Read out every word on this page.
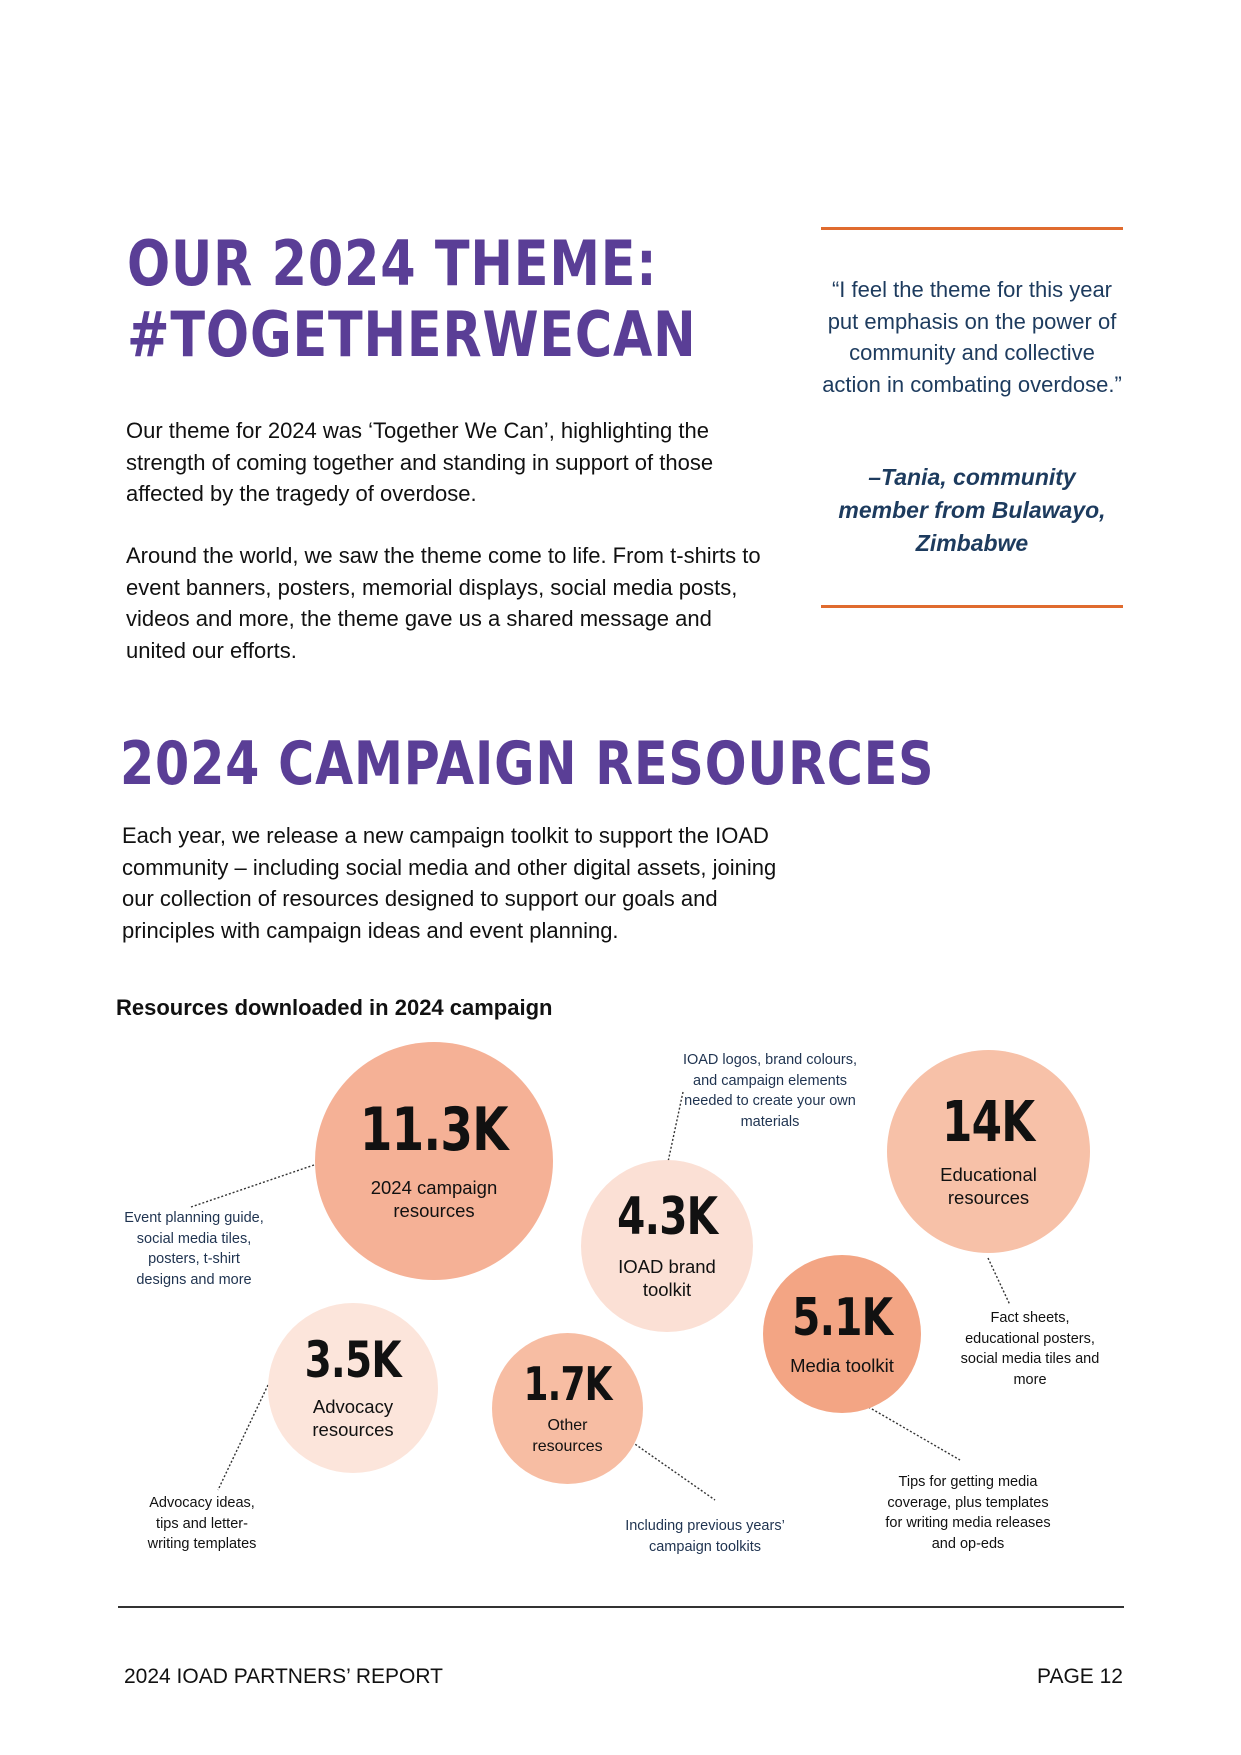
OUR 2024 THEME:
#TOGETHERWECAN

Our theme for 2024 was ‘Together We Can’, highlighting the strength of coming together and standing in support of those affected by the tragedy of overdose.

Around the world, we saw the theme come to life. From t-shirts to event banners, posters, memorial displays, social media posts, videos and more, the theme gave us a shared message and united our efforts.

“I feel the theme for this year put emphasis on the power of community and collective action in combating overdose.”

–Tania, community member from Bulawayo, Zimbabwe

2024 CAMPAIGN RESOURCES

Each year, we release a new campaign toolkit to support the IOAD community – including social media and other digital assets, joining our collection of resources designed to support our goals and principles with campaign ideas and event planning.

Resources downloaded in 2024 campaign

11.3K
2024 campaign resources
14K
Educational resources
4.3K
IOAD brand toolkit	5.1K
Media toolkit
3.5K
Advocacy resources
1.7K
Other resources

Event planning guide, social media tiles, posters, t-shirt designs and more

IOAD logos, brand colours, and campaign elements needed to create your own materials

Fact sheets, educational posters, social media tiles and more

Tips for getting media coverage, plus templates for writing media releases and op-eds

Advocacy ideas, tips and letter-writing templates

Including previous years’ campaign toolkits

2024 IOAD PARTNERS’ REPORT	PAGE 12
